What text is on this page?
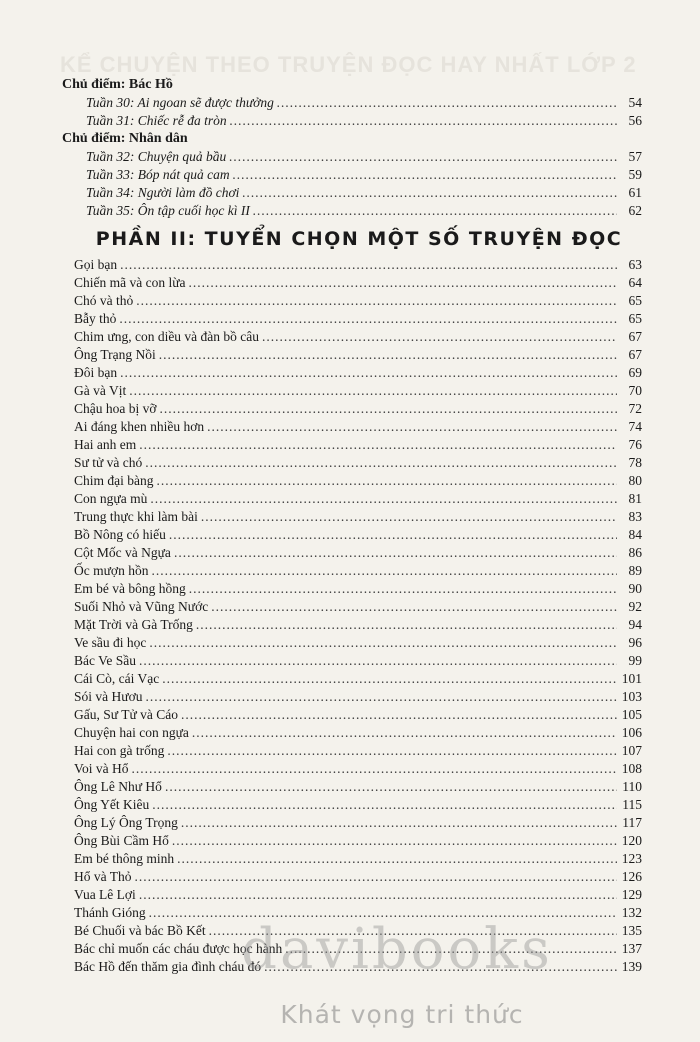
KỂ CHUYỆN THEO TRUYỆN ĐỌC HAY NHẤT LỚP 2
Chủ điểm: Bác Hồ
Tuần 30: Ai ngoan sẽ được thưởng .....	54
Tuần 31: Chiếc rễ đa tròn .....	56
Chủ điểm: Nhân dân
Tuần 32: Chuyện quả bầu .....	57
Tuần 33: Bóp nát quả cam .....	59
Tuần 34: Người làm đồ chơi .....	61
Tuần 35: Ôn tập cuối học kì II .....	62
PHẦN II: TUYỂN CHỌN MỘT SỐ TRUYỆN ĐỌC
Gọi bạn .....	63
Chiến mã và con lừa .....	64
Chó và thỏ .....	65
Bẫy thỏ .....	65
Chim ưng, con diều và đàn bồ câu .....	67
Ông Trạng Nồi .....	67
Đôi bạn .....	69
Gà và Vịt .....	70
Chậu hoa bị vỡ .....	72
Ai đáng khen nhiều hơn .....	74
Hai anh em .....	76
Sư tử và chó .....	78
Chim đại bàng .....	80
Con ngựa mù .....	81
Trung thực khi làm bài .....	83
Bồ Nông có hiếu .....	84
Cột Mốc và Ngựa .....	86
Ốc mượn hồn .....	89
Em bé và bông hồng .....	90
Suối Nhỏ và Vũng Nước .....	92
Mặt Trời và Gà Trống .....	94
Ve sầu đi học .....	96
Bác Ve Sầu .....	99
Cái Cò, cái Vạc .....	101
Sói và Hươu .....	103
Gấu, Sư Tử và Cáo .....	105
Chuyện hai con ngựa .....	106
Hai con gà trống .....	107
Voi và Hổ .....	108
Ông Lê Như Hổ .....	110
Ông Yết Kiêu .....	115
Ông Lý Ông Trọng .....	117
Ông Bùi Cầm Hổ .....	120
Em bé thông minh .....	123
Hổ và Thỏ .....	126
Vua Lê Lợi .....	129
Thánh Gióng .....	132
Bé Chuối và bác Bồ Kết .....	135
Bác chỉ muốn các cháu được học hành .....	137
Bác Hồ đến thăm gia đình cháu đó .....	139
davibooks
Khát vọng tri thức
